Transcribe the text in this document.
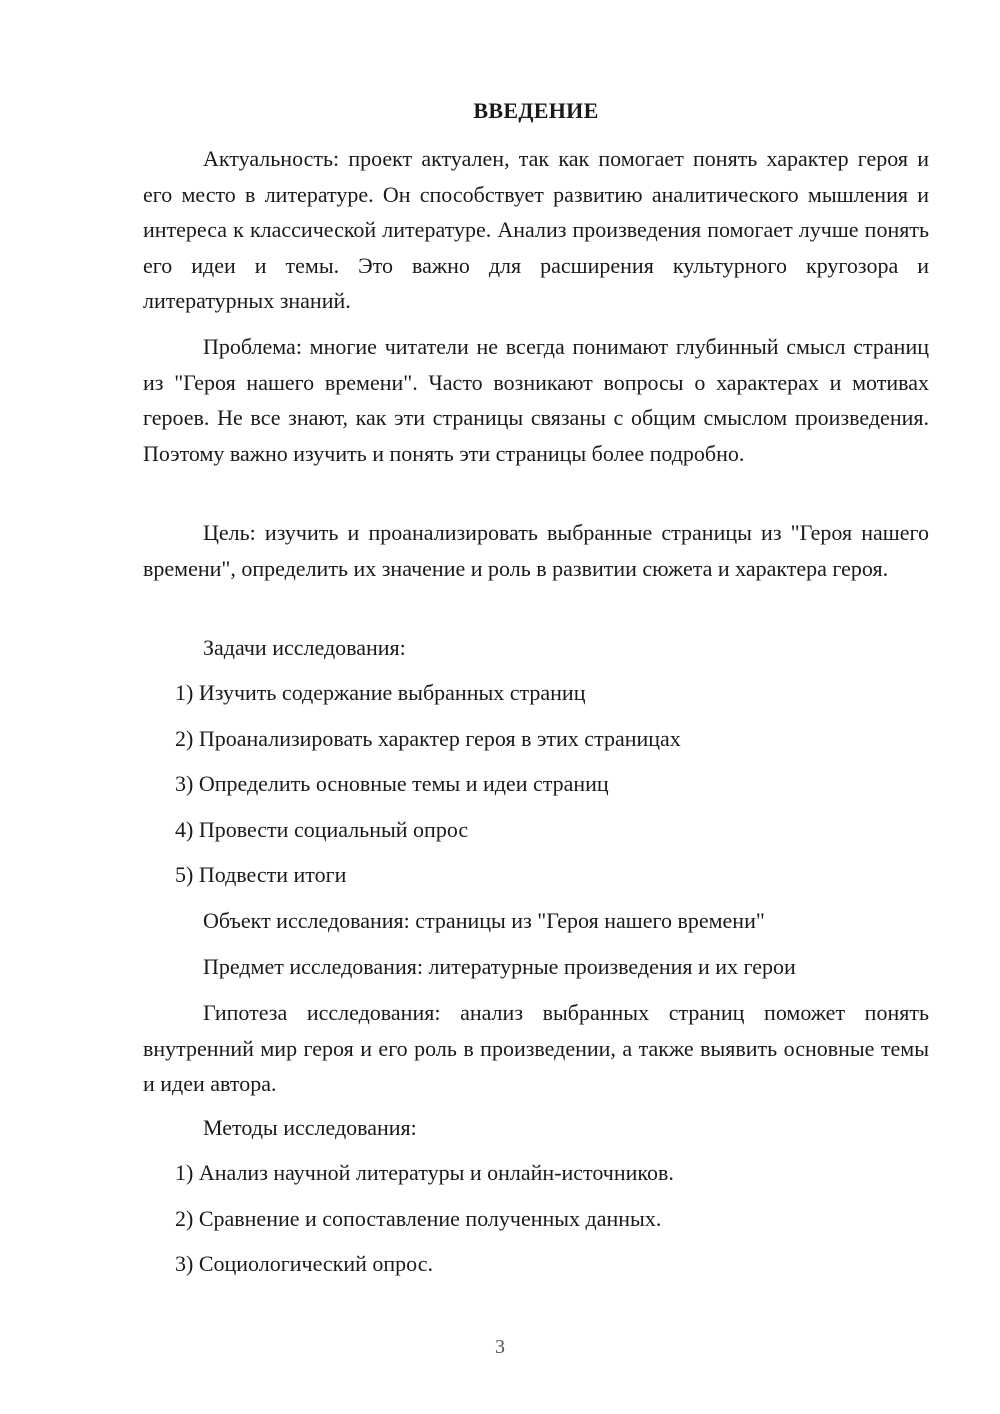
ВВЕДЕНИЕ

Актуальность: проект актуален, так как помогает понять характер героя и его место в литературе. Он способствует развитию аналитического мышления и интереса к классической литературе. Анализ произведения помогает лучше понять его идеи и темы. Это важно для расширения культурного кругозора и литературных знаний.

Проблема: многие читатели не всегда понимают глубинный смысл страниц из "Героя нашего времени". Часто возникают вопросы о характерах и мотивах героев. Не все знают, как эти страницы связаны с общим смыслом произведения. Поэтому важно изучить и понять эти страницы более подробно.

Цель: изучить и проанализировать выбранные страницы из "Героя нашего времени", определить их значение и роль в развитии сюжета и характера героя.

Задачи исследования:

1) Изучить содержание выбранных страниц

2) Проанализировать характер героя в этих страницах

3) Определить основные темы и идеи страниц

4) Провести социальный опрос

5) Подвести итоги

Объект исследования: страницы из "Героя нашего времени"

Предмет исследования: литературные произведения и их герои

Гипотеза исследования: анализ выбранных страниц поможет понять внутренний мир героя и его роль в произведении, а также выявить основные темы и идеи автора.

Методы исследования:

1) Анализ научной литературы и онлайн-источников.

2) Сравнение и сопоставление полученных данных.

3) Социологический опрос.

3
